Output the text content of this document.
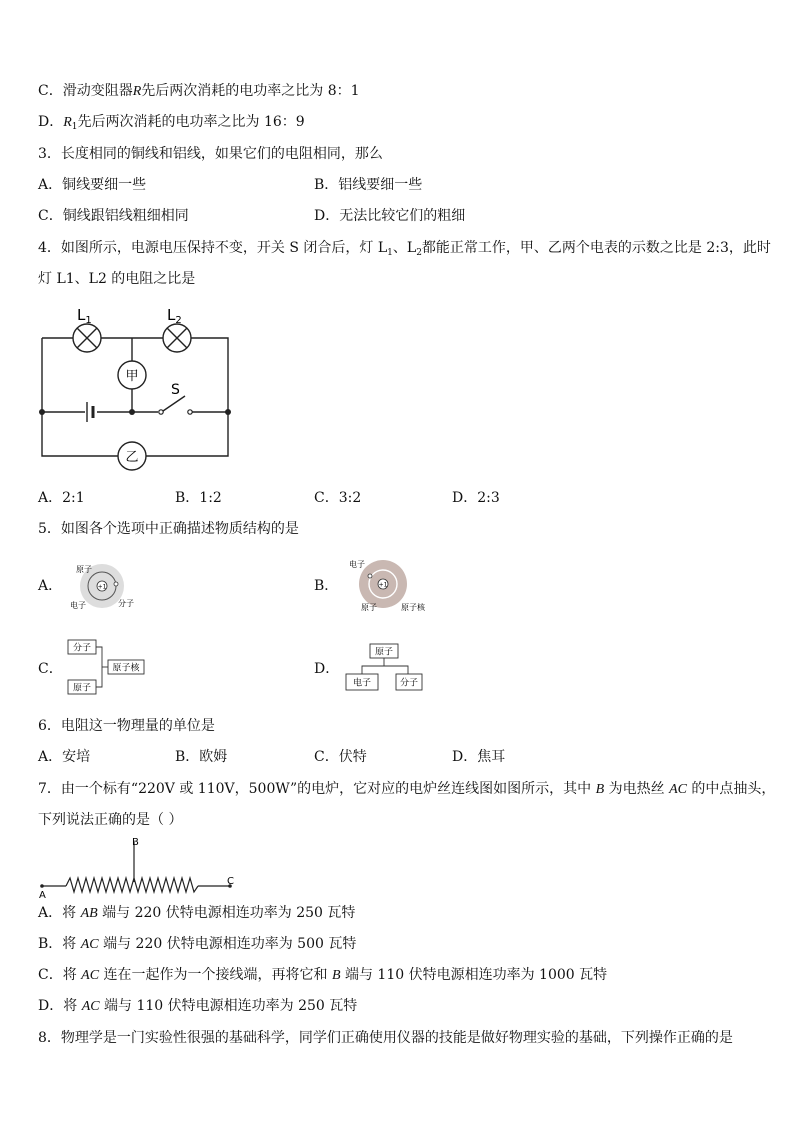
C．滑动变阻器R先后两次消耗的电功率之比为 8：1
D．$R_1$先后两次消耗的电功率之比为 16：9
3．长度相同的铜线和铝线，如果它们的电阻相同，那么
A．铜线要细一些	B．铝线要细一些
C．铜线跟铝线粗细相同	D．无法比较它们的粗细
4．如图所示，电源电压保持不变，开关 S 闭合后，灯 $L_1$、$L_2$都能正常工作，甲、乙两个电表的示数之比是 2:3，此时
灯 L1、L2 的电阻之比是
$L_1$	$L_2$
甲
S
乙
A．2:1	B．1:2	C．3:2	D．2:3
5．如图各个选项中正确描述物质结构的是
A．	+1
原子
电子	分子
B．	+1
电子
原子	原子核
C．
分子
原子核
原子
D．
原子
电子	分子
6．电阻这一物理量的单位是
A．安培	B．欧姆	C．伏特	D．焦耳
7．由一个标有“220V 或 110V，500W”的电炉，它对应的电炉丝连线图如图所示，其中 B 为电热丝 AC 的中点抽头，
下列说法正确的是（ ）
A
B
C
A．将 AB 端与 220 伏特电源相连功率为 250 瓦特
B．将 AC 端与 220 伏特电源相连功率为 500 瓦特
C．将 AC 连在一起作为一个接线端，再将它和 B 端与 110 伏特电源相连功率为 1000 瓦特
D．将 AC 端与 110 伏特电源相连功率为 250 瓦特
8．物理学是一门实验性很强的基础科学，同学们正确使用仪器的技能是做好物理实验的基础，下列操作正确的是
